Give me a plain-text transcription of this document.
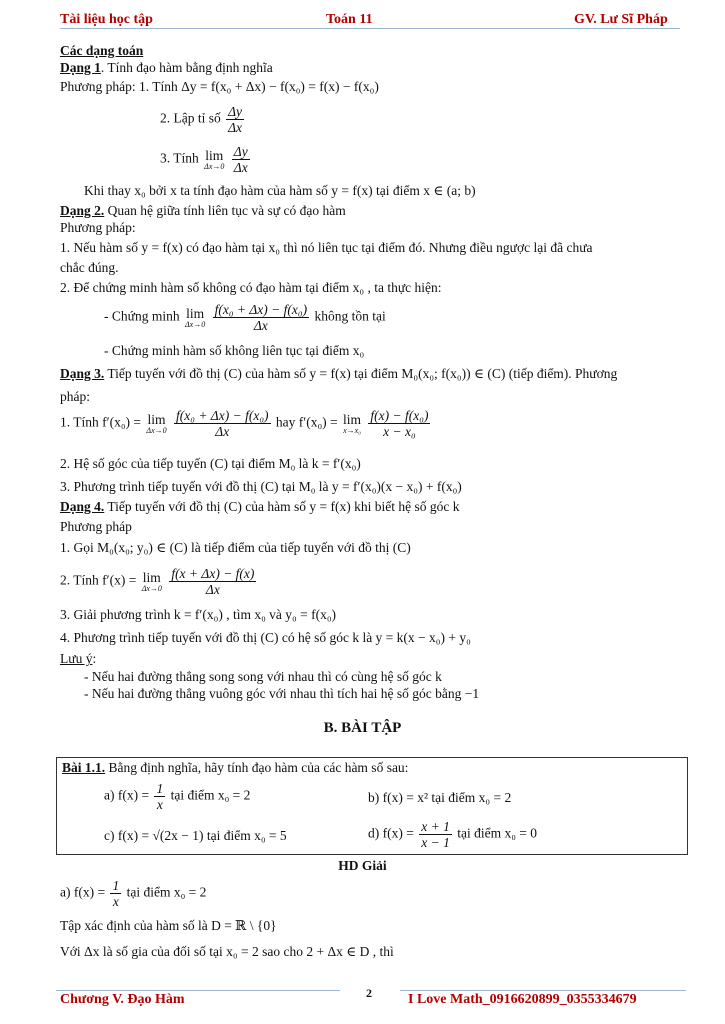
Tài liệu học tập	Toán 11	GV. Lư Sĩ Pháp
Các dạng toán
Dạng 1. Tính đạo hàm bằng định nghĩa
Phương pháp: 1. Tính Δy = f(x₀ + Δx) − f(x₀) = f(x) − f(x₀)
2. Lập tỉ số $\frac{\Delta y}{\Delta x}$
3. Tính lim
Δx→0
$\frac{\Delta y}{\Delta x}$
Khi thay x₀ bởi x ta tính đạo hàm của hàm số y = f(x) tại điểm x ∈ (a; b)
Dạng 2. Quan hệ giữa tính liên tục và sự có đạo hàm
Phương pháp:
1. Nếu hàm số y = f(x) có đạo hàm tại x₀ thì nó liên tục tại điểm đó. Nhưng điều ngược lại đã chưa
chắc đúng.
2. Để chứng minh hàm số không có đạo hàm tại điểm x₀ , ta thực hiện:
- Chứng minh lim
Δx→0
$\frac{\text{f(x₀ + Δx) − f(x₀)}}{\Delta x}$ không tồn tại
- Chứng minh hàm số không liên tục tại điểm x₀
Dạng 3. Tiếp tuyến với đồ thị (C) của hàm số y = f(x) tại điểm M₀(x₀; f(x₀)) ∈ (C) (tiếp điểm). Phương
pháp:
1. Tính f′(x₀) = lim
Δx→0
$\frac{\text{f(x₀ + Δx) − f(x₀)}}{\Delta x}$ hay f′(x₀) = lim
x→x₀
$\frac{\text{f(x) − f(x₀)}}{\text{x − x₀}}$
2. Hệ số góc của tiếp tuyến (C) tại điểm M₀ là k = f′(x₀)
3. Phương trình tiếp tuyến với đồ thị (C) tại M₀ là y = f′(x₀)(x − x₀) + f(x₀)
Dạng 4. Tiếp tuyến với đồ thị (C) của hàm số y = f(x) khi biết hệ số góc k
Phương pháp
1. Gọi M₀(x₀; y₀) ∈ (C) là tiếp điểm của tiếp tuyến với đồ thị (C)
2. Tính f′(x) = lim
Δx→0
$\frac{f(x + \Delta x) - f(x)}{\Delta x}$
3. Giải phương trình k = f′(x₀) , tìm x₀ và y₀ = f(x₀)
4. Phương trình tiếp tuyến với đồ thị (C) có hệ số góc k là y = k(x − x₀) + y₀
Lưu ý:
- Nếu hai đường thẳng song song với nhau thì có cùng hệ số góc k
- Nếu hai đường thẳng vuông góc với nhau thì tích hai hệ số góc bằng −1
B. BÀI TẬP
Bài 1.1. Bằng định nghĩa, hãy tính đạo hàm của các hàm số sau:
a) $f(x) = \frac{1}{x}$ tại điểm x₀ = 2	b) f(x) = x² tại điểm x₀ = 2
c) f(x) = √(2x − 1) tại điểm x₀ = 5	d) $f(x) = \frac{x + 1}{x - 1}$ tại điểm x₀ = 0
HD Giải
a) $f(x) = \frac{1}{x}$ tại điểm x₀ = 2
Tập xác định của hàm số là D = ℝ \ {0}
Với Δx là số gia của đối số tại x₀ = 2 sao cho 2 + Δx ∈ D , thì
2
Chương V. Đạo Hàm	I Love Math_0916620899_0355334679
